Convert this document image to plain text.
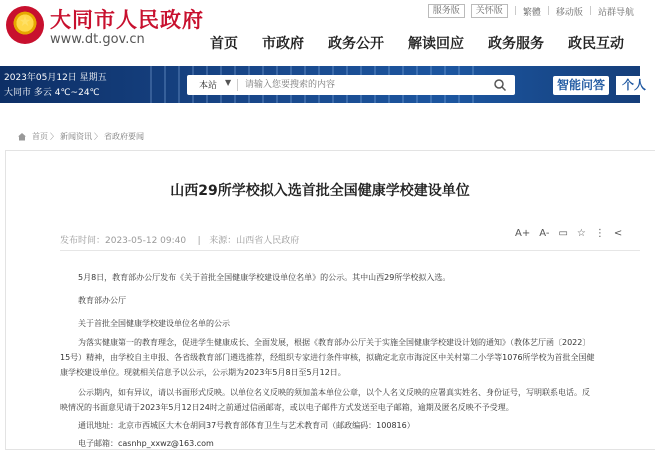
★ 大同市人民政府
www.dt.gov.cn
服务版	关怀版	| 繁體 | 移动版 | 站群导航
首页	市政府	政务公开	解读回应	政务服务	政民互动
2023年05月12日 星期五
大同市 多云 4℃~24℃
本站 ▼
请输入您要搜索的内容	智能问答	个人
首页 〉 新闻资讯 〉 省政府要闻
山西29所学校拟入选首批全国健康学校建设单位
发布时间：2023-05-12 09:40 | 来源：山西省人民政府
A+ A- ▭ ☆ ⋮ <
5月8日，教育部办公厅发布《关于首批全国健康学校建设单位名单》的公示。其中山西29所学校拟入选。
教育部办公厅
关于首批全国健康学校建设单位名单的公示
为落实健康第一的教育理念，促进学生健康成长、全面发展，根据《教育部办公厅关于实施全国健康学校建设计划的通知》（教体艺厅函〔2022〕
15号）精神，由学校自主申报、各省级教育部门遴选推荐，经组织专家进行条件审核，拟确定北京市海淀区中关村第二小学等1076所学校为首批全国健
康学校建设单位。现就相关信息予以公示，公示期为2023年5月8日至5月12日。
公示期内，如有异议，请以书面形式反映。以单位名义反映的须加盖本单位公章，以个人名义反映的应署真实姓名、身份证号，写明联系电话。反
映情况的书面意见请于2023年5月12日24时之前通过信函邮寄，或以电子邮件方式发送至电子邮箱，逾期及匿名反映不予受理。
通讯地址：北京市西城区大木仓胡同37号教育部体育卫生与艺术教育司（邮政编码：100816）
电子邮箱：casnhp_xxwz@163.com
